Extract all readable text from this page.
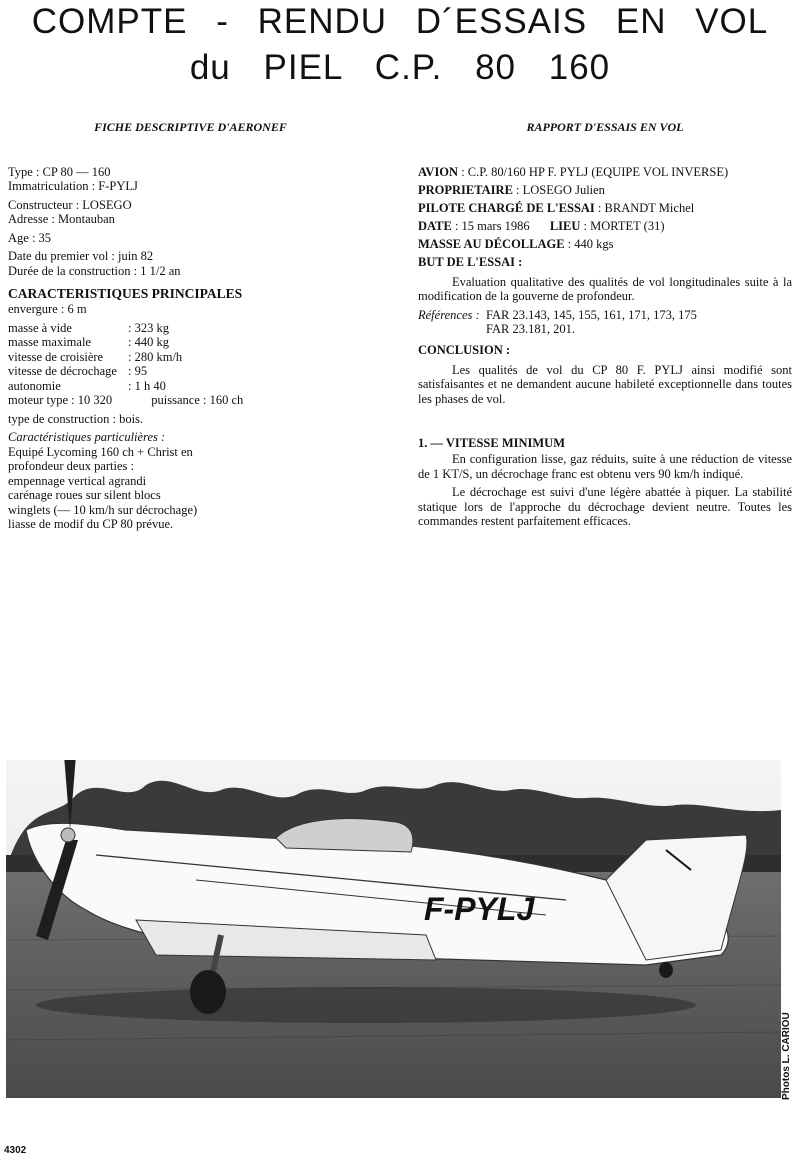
COMPTE - RENDU D´ESSAIS EN VOL
du PIEL C.P. 80 160
FICHE DESCRIPTIVE D'AERONEF
Type : CP 80 — 160
Immatriculation : F-PYLJ
Constructeur : LOSEGO
Adresse : Montauban
Age : 35
Date du premier vol : juin 82
Durée de la construction : 1 1/2 an
CARACTERISTIQUES PRINCIPALES
envergure : 6 m
masse à vide	: 323 kg
masse maximale	: 440 kg
vitesse de croisière	: 280 km/h
vitesse de décrochage : 95
autonomie	: 1 h 40
moteur type : 10 320	puissance : 160 ch
type de construction : bois.
Caractéristiques particulières :
Equipé Lycoming 160 ch + Christ en
profondeur deux parties :
empennage vertical agrandi
carénage roues sur silent blocs
winglets (— 10 km/h sur décrochage)
liasse de modif du CP 80 prévue.
RAPPORT D'ESSAIS EN VOL
AVION : C.P. 80/160 HP F. PYLJ (EQUIPE VOL INVERSE)
PROPRIETAIRE : LOSEGO Julien
PILOTE CHARGÉ DE L'ESSAI : BRANDT Michel
DATE : 15 mars 1986 LIEU : MORTET (31)
MASSE AU DÉCOLLAGE : 440 kgs
BUT DE L'ESSAI :
Evaluation qualitative des qualités de vol longitudinales suite à la modification de la gouverne de profondeur.
Références : FAR 23.143, 145, 155, 161, 171, 173, 175
FAR 23.181, 201.
CONCLUSION :
Les qualités de vol du CP 80 F. PYLJ ainsi modifié sont satisfaisantes et ne demandent aucune habileté exceptionnelle dans toutes les phases de vol.
1. — VITESSE MINIMUM
En configuration lisse, gaz réduits, suite à une réduction de vitesse de 1 KT/S, un décrochage franc est obtenu vers 90 km/h indiqué.
Le décrochage est suivi d'une légère abattée à piquer. La stabilité statique lors de l'approche du décrochage devient neutre. Toutes les commandes restent parfaitement efficaces.
F-PYLJ
Photos L. CARIOU
4302
